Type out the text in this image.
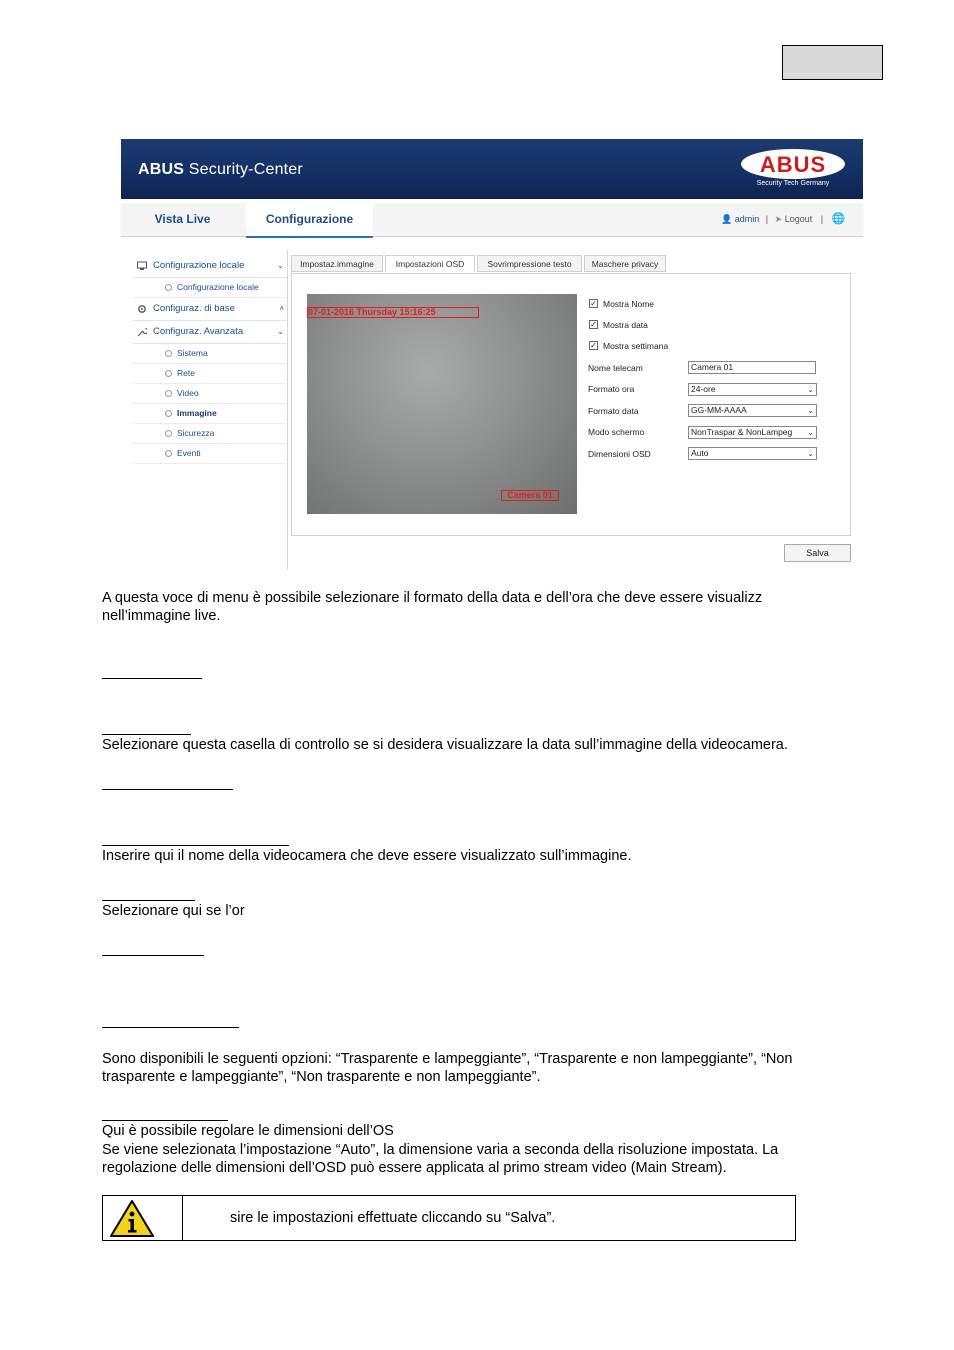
ABUS Security-Center	ABUS
Security Tech Germany
Vista Live	Configurazione	👤 admin | ➤ Logout | 🌐
Configurazione locale	⌄
Configurazione locale
Configuraz. di base	˄
Configuraz. Avanzata	⌄
Sistema
Rete
Video
Immagine
Sicurezza
Eventi
Impostaz.immagine	Impostazioni OSD	Sovrimpressione testo	Maschere privacy
07-01-2016 Thursday 15:16:25
Camera 01
✓ Mostra Nome
✓ Mostra data
✓ Mostra settimana
Nome telecam	Camera 01
Formato ora	24-ore	⌄
Formato data	GG-MM-AAAA	⌄
Modo schermo	NonTraspar & NonLampeg ⌄
Dimensioni OSD	Auto	⌄
Salva
A questa voce di menu è possibile selezionare il formato della data e dell’ora che deve essere visualizz
nell’immagine live.
Selezionare questa casella di controllo se si desidera visualizzare la data sull’immagine della videocamera.
Inserire qui il nome della videocamera che deve essere visualizzato sull’immagine.
Selezionare qui se l’or
Sono disponibili le seguenti opzioni: “Trasparente e lampeggiante”, “Trasparente e non lampeggiante”, “Non
trasparente e lampeggiante”, “Non trasparente e non lampeggiante”.
Qui è possibile regolare le dimensioni dell’OS
Se viene selezionata l’impostazione “Auto”, la dimensione varia a seconda della risoluzione impostata. La
regolazione delle dimensioni dell’OSD può essere applicata al primo stream video (Main Stream).
sire le impostazioni effettuate cliccando su “Salva”.
